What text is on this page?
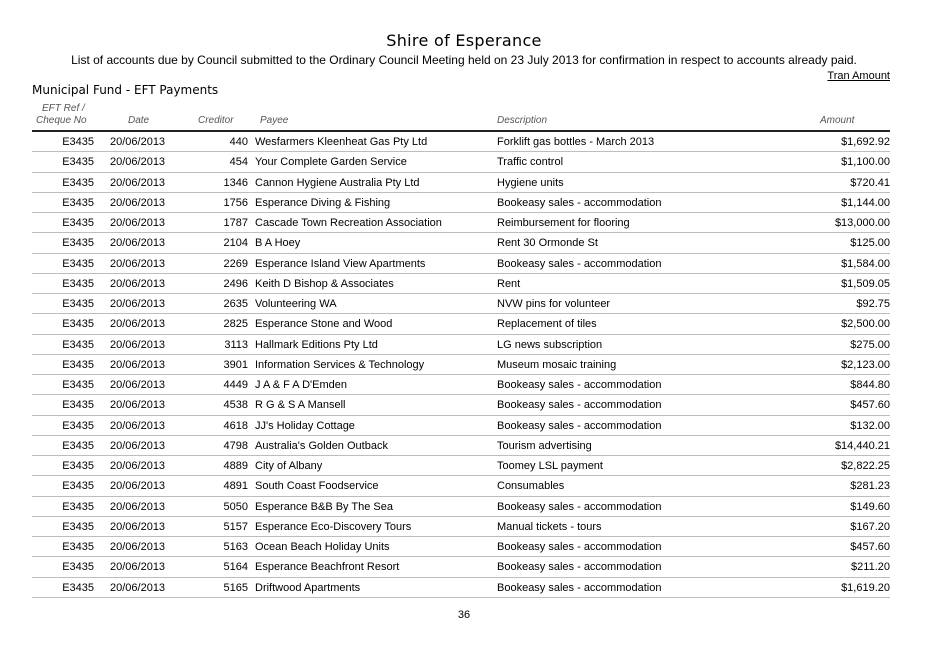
Shire of Esperance
List of accounts due by Council submitted to the Ordinary Council Meeting held on 23 July 2013 for confirmation in respect to accounts already paid.
Tran Amount
Municipal Fund - EFT Payments
EFT Ref /
Cheque No	Date	Creditor	Payee	Description	Amount
E3435 20/06/2013	440 Wesfarmers Kleenheat Gas Pty Ltd	Forklift gas bottles - March 2013	$1,692.92
E3435 20/06/2013	454 Your Complete Garden Service	Traffic control	$1,100.00
E3435 20/06/2013	1346 Cannon Hygiene Australia Pty Ltd	Hygiene units	$720.41
E3435 20/06/2013	1756 Esperance Diving & Fishing	Bookeasy sales - accommodation	$1,144.00
E3435 20/06/2013	1787 Cascade Town Recreation Association	Reimbursement for flooring	$13,000.00
E3435 20/06/2013	2104 B A Hoey	Rent 30 Ormonde St	$125.00
E3435 20/06/2013	2269 Esperance Island View Apartments	Bookeasy sales - accommodation	$1,584.00
E3435 20/06/2013	2496 Keith D Bishop & Associates	Rent	$1,509.05
E3435 20/06/2013	2635 Volunteering WA	NVW pins for volunteer	$92.75
E3435 20/06/2013	2825 Esperance Stone and Wood	Replacement of tiles	$2,500.00
E3435 20/06/2013	3113 Hallmark Editions Pty Ltd	LG news subscription	$275.00
E3435 20/06/2013	3901 Information Services & Technology	Museum mosaic training	$2,123.00
E3435 20/06/2013	4449 J A & F A D'Emden	Bookeasy sales - accommodation	$844.80
E3435 20/06/2013	4538 R G & S A Mansell	Bookeasy sales - accommodation	$457.60
E3435 20/06/2013	4618 JJ's Holiday Cottage	Bookeasy sales - accommodation	$132.00
E3435 20/06/2013	4798 Australia's Golden Outback	Tourism advertising	$14,440.21
E3435 20/06/2013	4889 City of Albany	Toomey LSL payment	$2,822.25
E3435 20/06/2013	4891 South Coast Foodservice	Consumables	$281.23
E3435 20/06/2013	5050 Esperance B&B By The Sea	Bookeasy sales - accommodation	$149.60
E3435 20/06/2013	5157 Esperance Eco-Discovery Tours	Manual tickets - tours	$167.20
E3435 20/06/2013	5163 Ocean Beach Holiday Units	Bookeasy sales - accommodation	$457.60
E3435 20/06/2013	5164 Esperance Beachfront Resort	Bookeasy sales - accommodation	$211.20
E3435 20/06/2013	5165 Driftwood Apartments	Bookeasy sales - accommodation	$1,619.20
36
